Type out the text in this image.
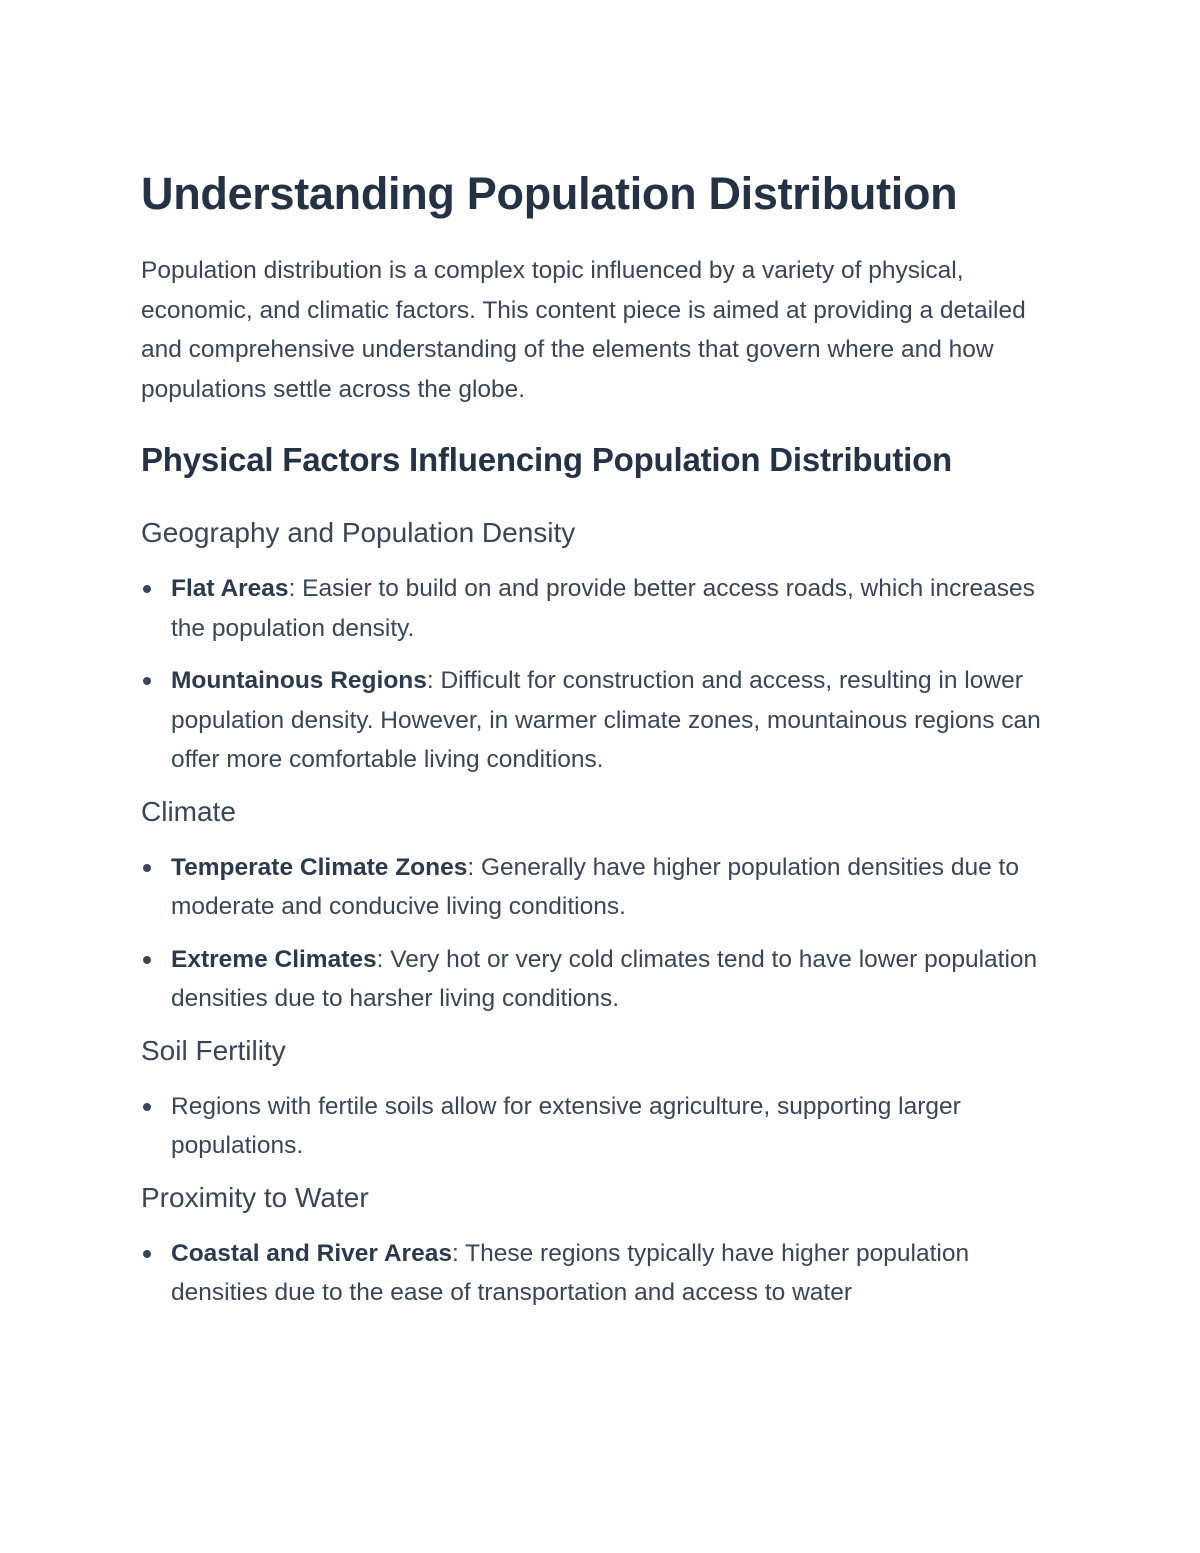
Understanding Population Distribution

Population distribution is a complex topic influenced by a variety of physical, economic, and climatic factors. This content piece is aimed at providing a detailed and comprehensive understanding of the elements that govern where and how populations settle across the globe.

Physical Factors Influencing Population Distribution
Geography and Population Density
Flat Areas: Easier to build on and provide better access roads, which increases the population density.
Mountainous Regions: Difficult for construction and access, resulting in lower population density. However, in warmer climate zones, mountainous regions can offer more comfortable living conditions.
Climate
Temperate Climate Zones: Generally have higher population densities due to moderate and conducive living conditions.
Extreme Climates: Very hot or very cold climates tend to have lower population densities due to harsher living conditions.
Soil Fertility
Regions with fertile soils allow for extensive agriculture, supporting larger populations.
Proximity to Water
Coastal and River Areas: These regions typically have higher population densities due to the ease of transportation and access to water
